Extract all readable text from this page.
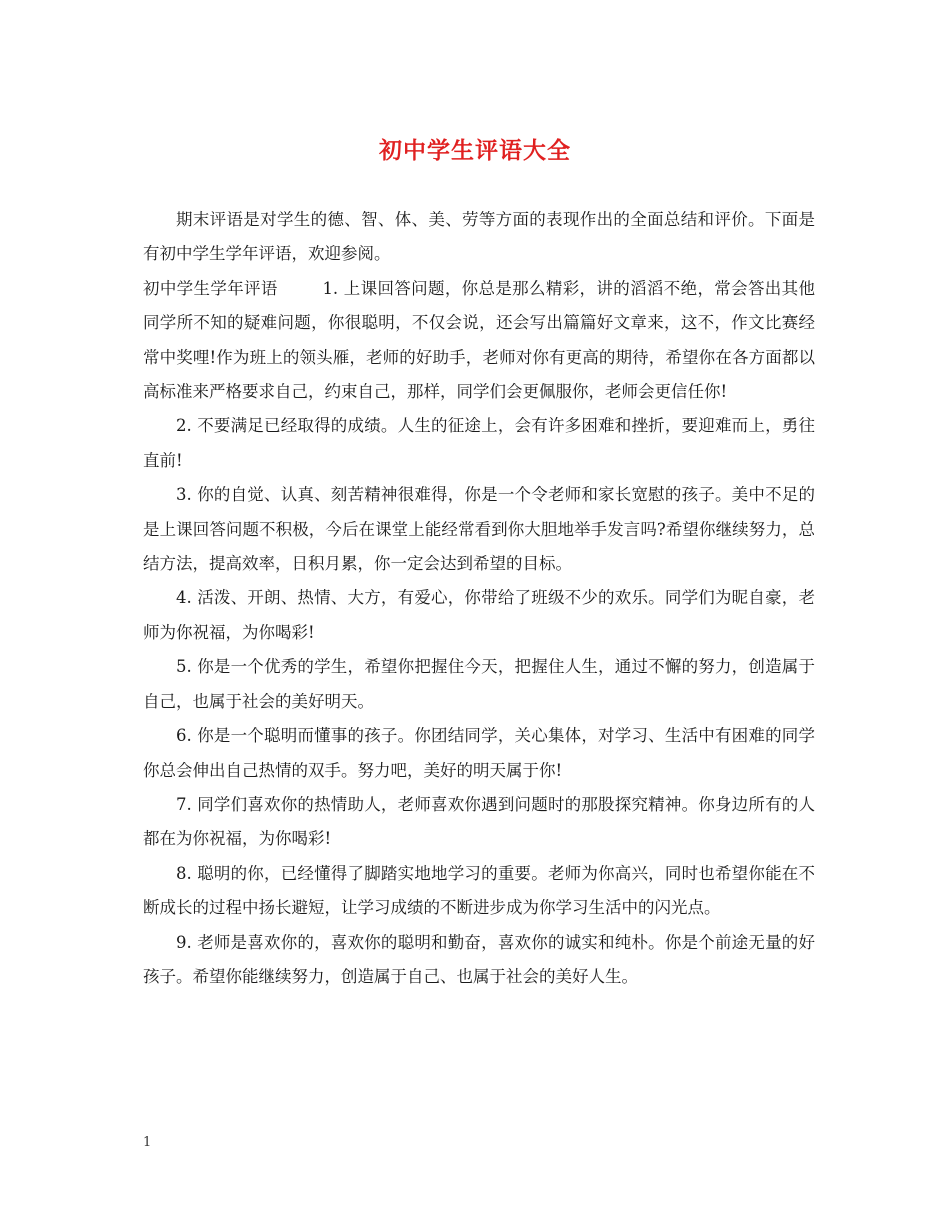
初中学生评语大全

期末评语是对学生的德、智、体、美、劳等方面的表现作出的全面总结和评价。下面是有初中学生学年评语，欢迎参阅。

初中学生学年评语	1. 上课回答问题，你总是那么精彩，讲的滔滔不绝，常会答出其他同学所不知的疑难问题，你很聪明，不仅会说，还会写出篇篇好文章来，这不，作文比赛经常中奖哩!作为班上的领头雁，老师的好助手，老师对你有更高的期待，希望你在各方面都以高标准来严格要求自己，约束自己，那样，同学们会更佩服你，老师会更信任你!

2. 不要满足已经取得的成绩。人生的征途上，会有许多困难和挫折，要迎难而上，勇往直前!

3. 你的自觉、认真、刻苦精神很难得，你是一个令老师和家长宽慰的孩子。美中不足的是上课回答问题不积极，今后在课堂上能经常看到你大胆地举手发言吗?希望你继续努力，总结方法，提高效率，日积月累，你一定会达到希望的目标。

4. 活泼、开朗、热情、大方，有爱心，你带给了班级不少的欢乐。同学们为昵自豪，老师为你祝福，为你喝彩!

5. 你是一个优秀的学生，希望你把握住今天，把握住人生，通过不懈的努力，创造属于自己，也属于社会的美好明天。

6. 你是一个聪明而懂事的孩子。你团结同学，关心集体，对学习、生活中有困难的同学你总会伸出自己热情的双手。努力吧，美好的明天属于你!

7. 同学们喜欢你的热情助人，老师喜欢你遇到问题时的那股探究精神。你身边所有的人都在为你祝福，为你喝彩!

8. 聪明的你，已经懂得了脚踏实地地学习的重要。老师为你高兴，同时也希望你能在不断成长的过程中扬长避短，让学习成绩的不断进步成为你学习生活中的闪光点。

9. 老师是喜欢你的，喜欢你的聪明和勤奋，喜欢你的诚实和纯朴。你是个前途无量的好孩子。希望你能继续努力，创造属于自己、也属于社会的美好人生。

1
